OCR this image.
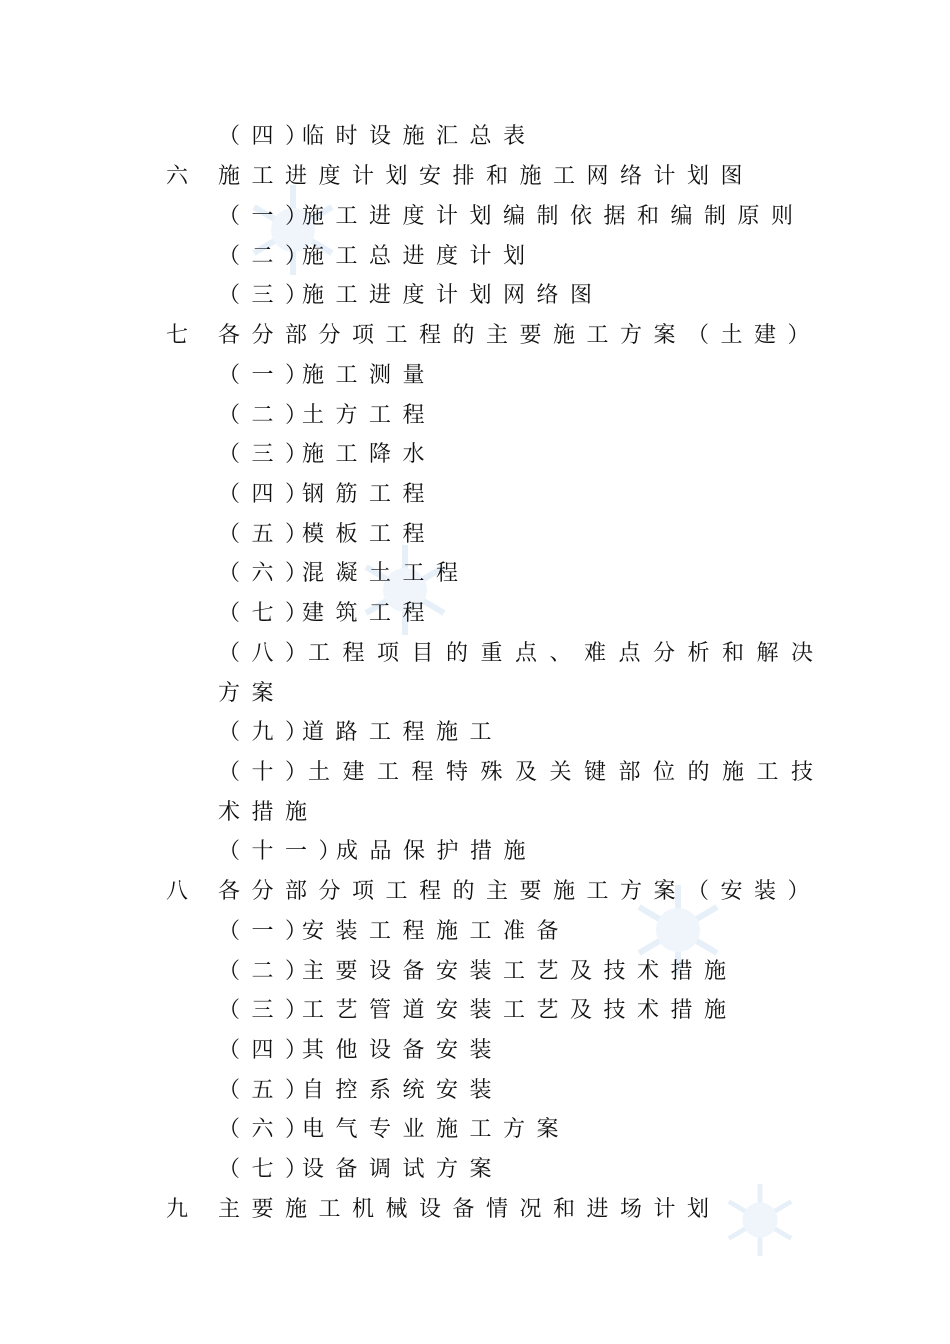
（四）
临时设施汇总表
六 施工进度计划安排和施工网络计划图
（一）
施工进度计划编制依据和编制原则
（二）
施工总进度计划
（三）
施工进度计划网络图
七 各分部分项工程的主要施工方案（土建）
（一）
施工测量
（二）
土方工程
（三）
施工降水
（四）
钢筋工程
（五）
模板工程
（六）
混凝土工程
（七）
建筑工程
（八）
工程项目的重点、难点分析和解决
方案
（九）
道路工程施工
（十）
土建工程特殊及关键部位的施工技
术措施
（十一）
成品保护措施
八 各分部分项工程的主要施工方案（安装）
（一）
安装工程施工准备
（二）
主要设备安装工艺及技术措施
（三）
工艺管道安装工艺及技术措施
（四）
其他设备安装
（五）
自控系统安装
（六）
电气专业施工方案
（七）
设备调试方案
九 主要施工机械设备情况和进场计划
